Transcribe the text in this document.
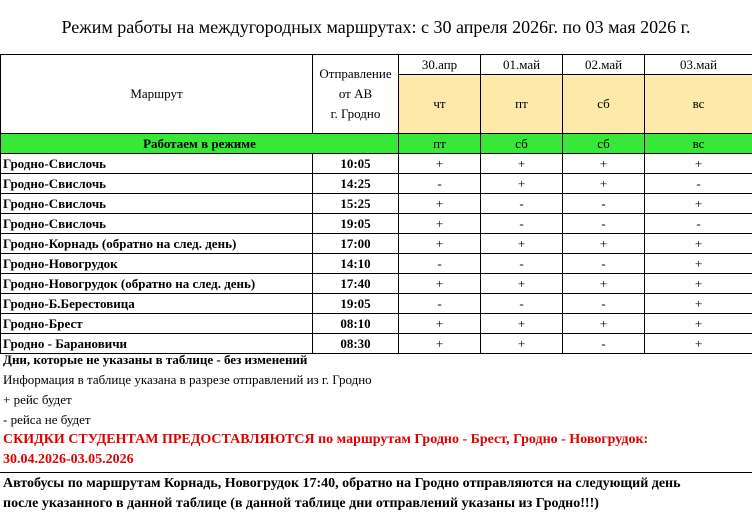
Режим работы на междугородных маршрутах: с 30 апреля 2026г. по 03 мая 2026 г.
Маршрут	Отправление
от АВ
г. Гродно	30.апр	01.май	02.май	03.май
		чт	пт	сб	вс
Работаем в режиме		пт	сб	сб	вс
Гродно-Свислочь	10:05	+	+	+	+
Гродно-Свислочь	14:25	-	+	+	-
Гродно-Свислочь	15:25	+	-	-	+
Гродно-Свислочь	19:05	+	-	-	-
Гродно-Корнадь (обратно на след. день)	17:00	+	+	+	+
Гродно-Новогрудок	14:10	-	-	-	+
Гродно-Новогрудок (обратно на след. день)	17:40	+	+	+	+
Гродно-Б.Берестовица	19:05	-	-	-	+
Гродно-Брест	08:10	+	+	+	+
Гродно - Барановичи	08:30	+	+	-	+
Дни, которые не указаны в таблице - без изменений
Информация в таблице указана в разрезе отправлений из г. Гродно
+ рейс будет
- рейса не будет
СКИДКИ СТУДЕНТАМ ПРЕДОСТАВЛЯЮТСЯ по маршрутам Гродно - Брест, Гродно - Новогрудок:
30.04.2026-03.05.2026
Автобусы по маршрутам Корнадь, Новогрудок 17:40, обратно на Гродно отправляются на следующий день
после указанного в данной таблице (в данной таблице дни отправлений указаны из Гродно!!!)
